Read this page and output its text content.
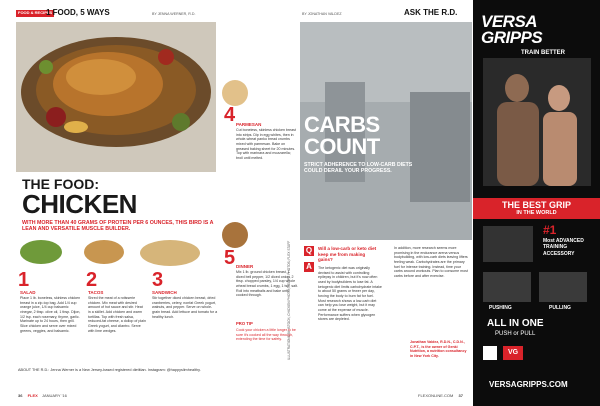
FOOD & RECIPES
1 FOOD, 5 WAYS	BY JENNA WERNER, R.D.
THE FOOD:
CHICKEN
WITH MORE THAN 40 GRAMS OF PROTEIN PER 6 OUNCES, THIS BIRD IS A LEAN AND VERSATILE MUSCLE BUILDER.
1
SALAD
Place 1 lb. boneless, skinless chicken breast in a zip-top bag. Add 1/4 cup orange juice, 1/4 cup balsamic vinegar, 2 tbsp. olive oil, 1 tbsp. Dijon, 1/2 tsp. each rosemary, thyme, garlic. Marinate up to 24 hours, then grill. Slice chicken and serve over mixed greens, veggies, and balsamic.
2
TACOS
Shred the meat of a rotisserie chicken. Mix meat with desired amount of hot sauce and stir. Heat in a skillet. Add chicken and warm tortillas. Top with fresh salsa, reduced-fat cheese, a dollop of plain Greek yogurt, and cilantro. Serve with lime wedges.
3
SANDWICH
Stir together diced chicken breast, dried cranberries, celery, nonfat Greek yogurt, walnuts, and pepper. Serve on whole-grain bread. Add lettuce and tomato for a healthy lunch.
ABOUT THE R.D.: Jenna Werner is a New Jersey-based registered dietitian. Instagram: @happyslimhealthy.
36 FLEX JANUARY '16
4 PARMESAN
Cut boneless, skinless chicken breast into strips. Dip in egg whites, then in whole-wheat panko bread crumbs mixed with parmesan. Bake on greased baking sheet for 20 minutes. Top with marinara and mozzarella; broil until melted.
5 DINNER
Mix 1 lb. ground chicken breast, 1 diced bell pepper, 1/2 diced onion, 2 tbsp. chopped parsley, 1/4 cup whole wheat bread crumbs, 1 egg, 1 tsp. salt. Roll into meatballs and bake until cooked through.
PRO TIP
Cook your chicken a little longer to be sure it's cooked all the way through, extending the time for safety.
BY JONATHAN VALDEZ	ASK THE R.D.
CARBS
COUNT
STRICT ADHERENCE TO LOW-CARB DIETS COULD DERAIL YOUR PROGRESS.
ILLUSTRATIONS BY ISTOCK; CHICKEN PHOTO; RECIPE PHOTOS; FLEX STAFF Q	Will a low-carb or keto diet keep me from making gains?
A	The ketogenic diet was originally devised to assist with controlling epilepsy in children, but it's now often used by bodybuilders to lose fat. A ketogenic diet limits carbohydrate intake to about 50 grams or fewer per day, forcing the body to burn fat for fuel. Most research shows a low-carb diet can help you lose weight, but it may come at the expense of muscle. Performance suffers when glycogen stores are depleted.
In addition, more research seems more promising in the endurance arena versus bodybuilding, with low-carb diets leaving lifters feeling weak. Carbohydrates are the primary fuel for intense training. Instead, time your carbs around workouts. Plan to consume most carbs before and after exercise.
Jonathan Valdez, R.D.N., C.D.N., C.P.T., is the owner of Genki Nutrition, a nutrition consultancy in New York City.
FLEXONLINE.COM 37
VERSA
GRIPPS
TRAIN BETTER
THE BEST GRIP
IN THE WORLD
#1
Most ADVANCED TRAINING ACCESSORY
PUSHING	PULLING
ALL IN ONE
PUSH or PULL
VG
VERSAGRIPPS.COM
